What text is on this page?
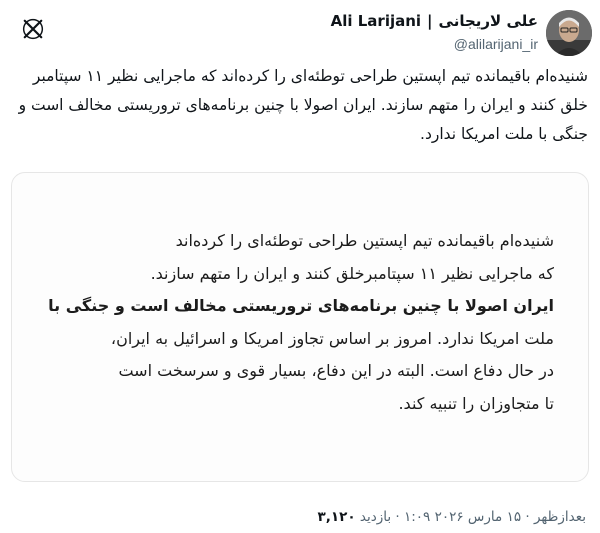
علی لاریجانی
|
Ali Larijani
@alilarijani_ir
شنیده‌ام باقیمانده تیم اپستین طراحی توطئه‌ای را کرده‌اند که ماجرایی نظیر ۱۱ سپتامبر خلق کنند و ایران را متهم سازند. ایران اصولا با چنین برنامه‌های تروریستی مخالف است و جنگی با ملت امریکا ندارد.
شنیده‌ام باقیمانده تیم اپستین طراحی توطئه‌ای را کرده‌اند
که ماجرایی نظیر ۱۱ سپتامبرخلق کنند و ایران را متهم سازند.
ایران اصولا با چنین برنامه‌های تروریستی مخالف است و جنگی با
ملت امریکا ندارد. امروز بر اساس تجاوز امریکا و اسرائیل به ایران،
در حال دفاع است. البته در این دفاع، بسیار قوی و سرسخت است
تا متجاوزان را تنبیه کند.
بعدازظهر · ۱۵ مارس ۲۰۲۶ ۱:۰۹ · بازدید ۳,۱۲۰
